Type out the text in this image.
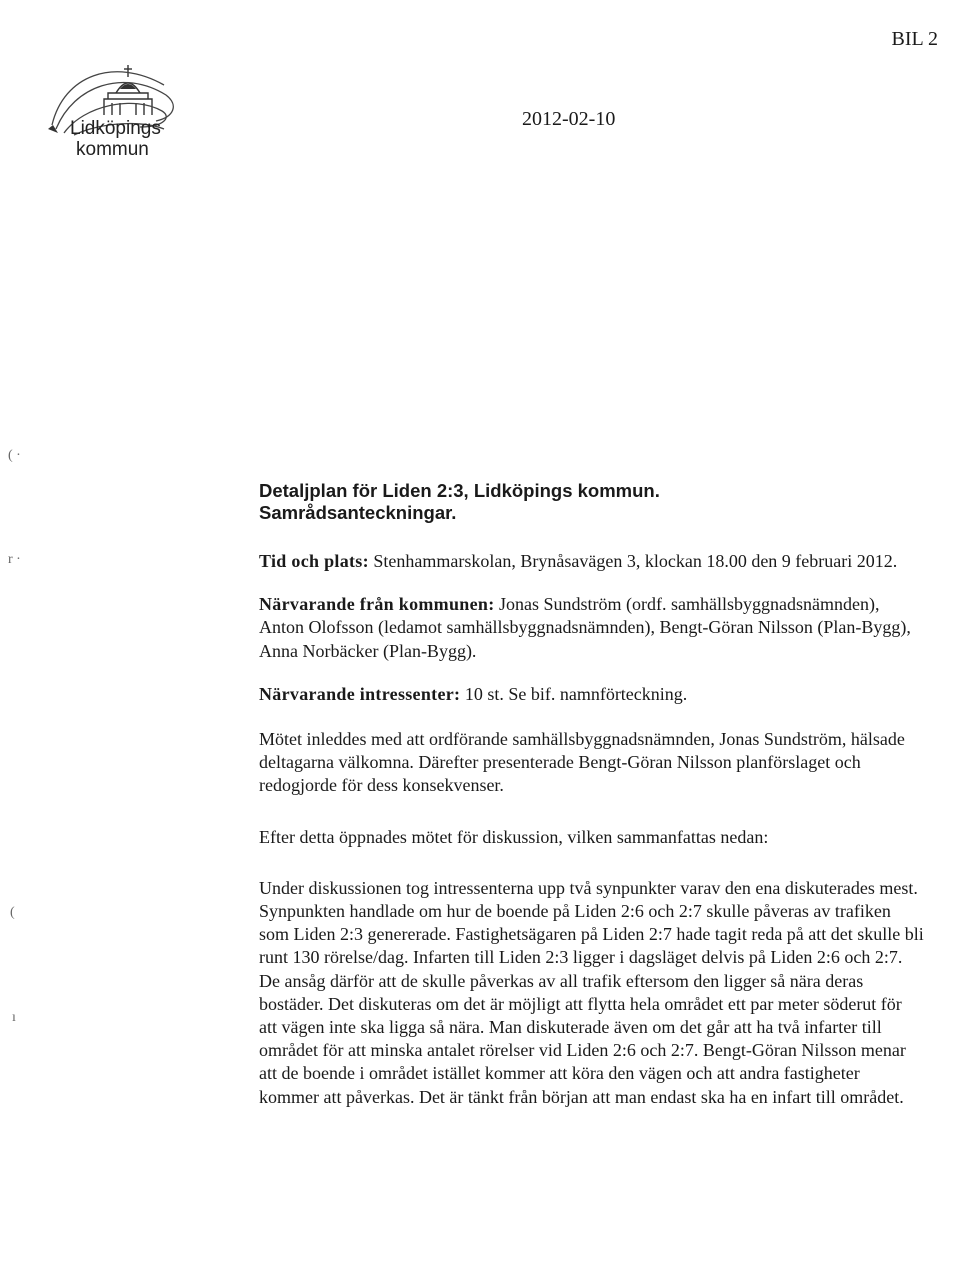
BIL 2
Lidköpings
kommun
2012-02-10
( ·
r ·
(
ı
Detaljplan för Liden 2:3, Lidköpings kommun.
Samrådsanteckningar.

Tid och plats: Stenhammarskolan, Brynåsavägen 3, klockan 18.00 den 9 februari 2012.

Närvarande från kommunen: Jonas Sundström (ordf. samhällsbyggnadsnämnden), Anton Olofsson (ledamot samhällsbyggnadsnämnden), Bengt-Göran Nilsson (Plan-Bygg), Anna Norbäcker (Plan-Bygg).

Närvarande intressenter: 10 st. Se bif. namnförteckning.

Mötet inleddes med att ordförande samhällsbyggnadsnämnden, Jonas Sundström, hälsade deltagarna välkomna. Därefter presenterade Bengt-Göran Nilsson planförslaget och redogjorde för dess konsekvenser.

Efter detta öppnades mötet för diskussion, vilken sammanfattas nedan:

Under diskussionen tog intressenterna upp två synpunkter varav den ena diskuterades mest. Synpunkten handlade om hur de boende på Liden 2:6 och 2:7 skulle påveras av trafiken som Liden 2:3 genererade. Fastighetsägaren på Liden 2:7 hade tagit reda på att det skulle bli runt 130 rörelse/dag. Infarten till Liden 2:3 ligger i dagsläget delvis på Liden 2:6 och 2:7. De ansåg därför att de skulle påverkas av all trafik eftersom den ligger så nära deras bostäder. Det diskuteras om det är möjligt att flytta hela området ett par meter söderut för att vägen inte ska ligga så nära. Man diskuterade även om det går att ha två infarter till området för att minska antalet rörelser vid Liden 2:6 och 2:7. Bengt-Göran Nilsson menar att de boende i området istället kommer att köra den vägen och att andra fastigheter kommer att påverkas. Det är tänkt från början att man endast ska ha en infart till området.
